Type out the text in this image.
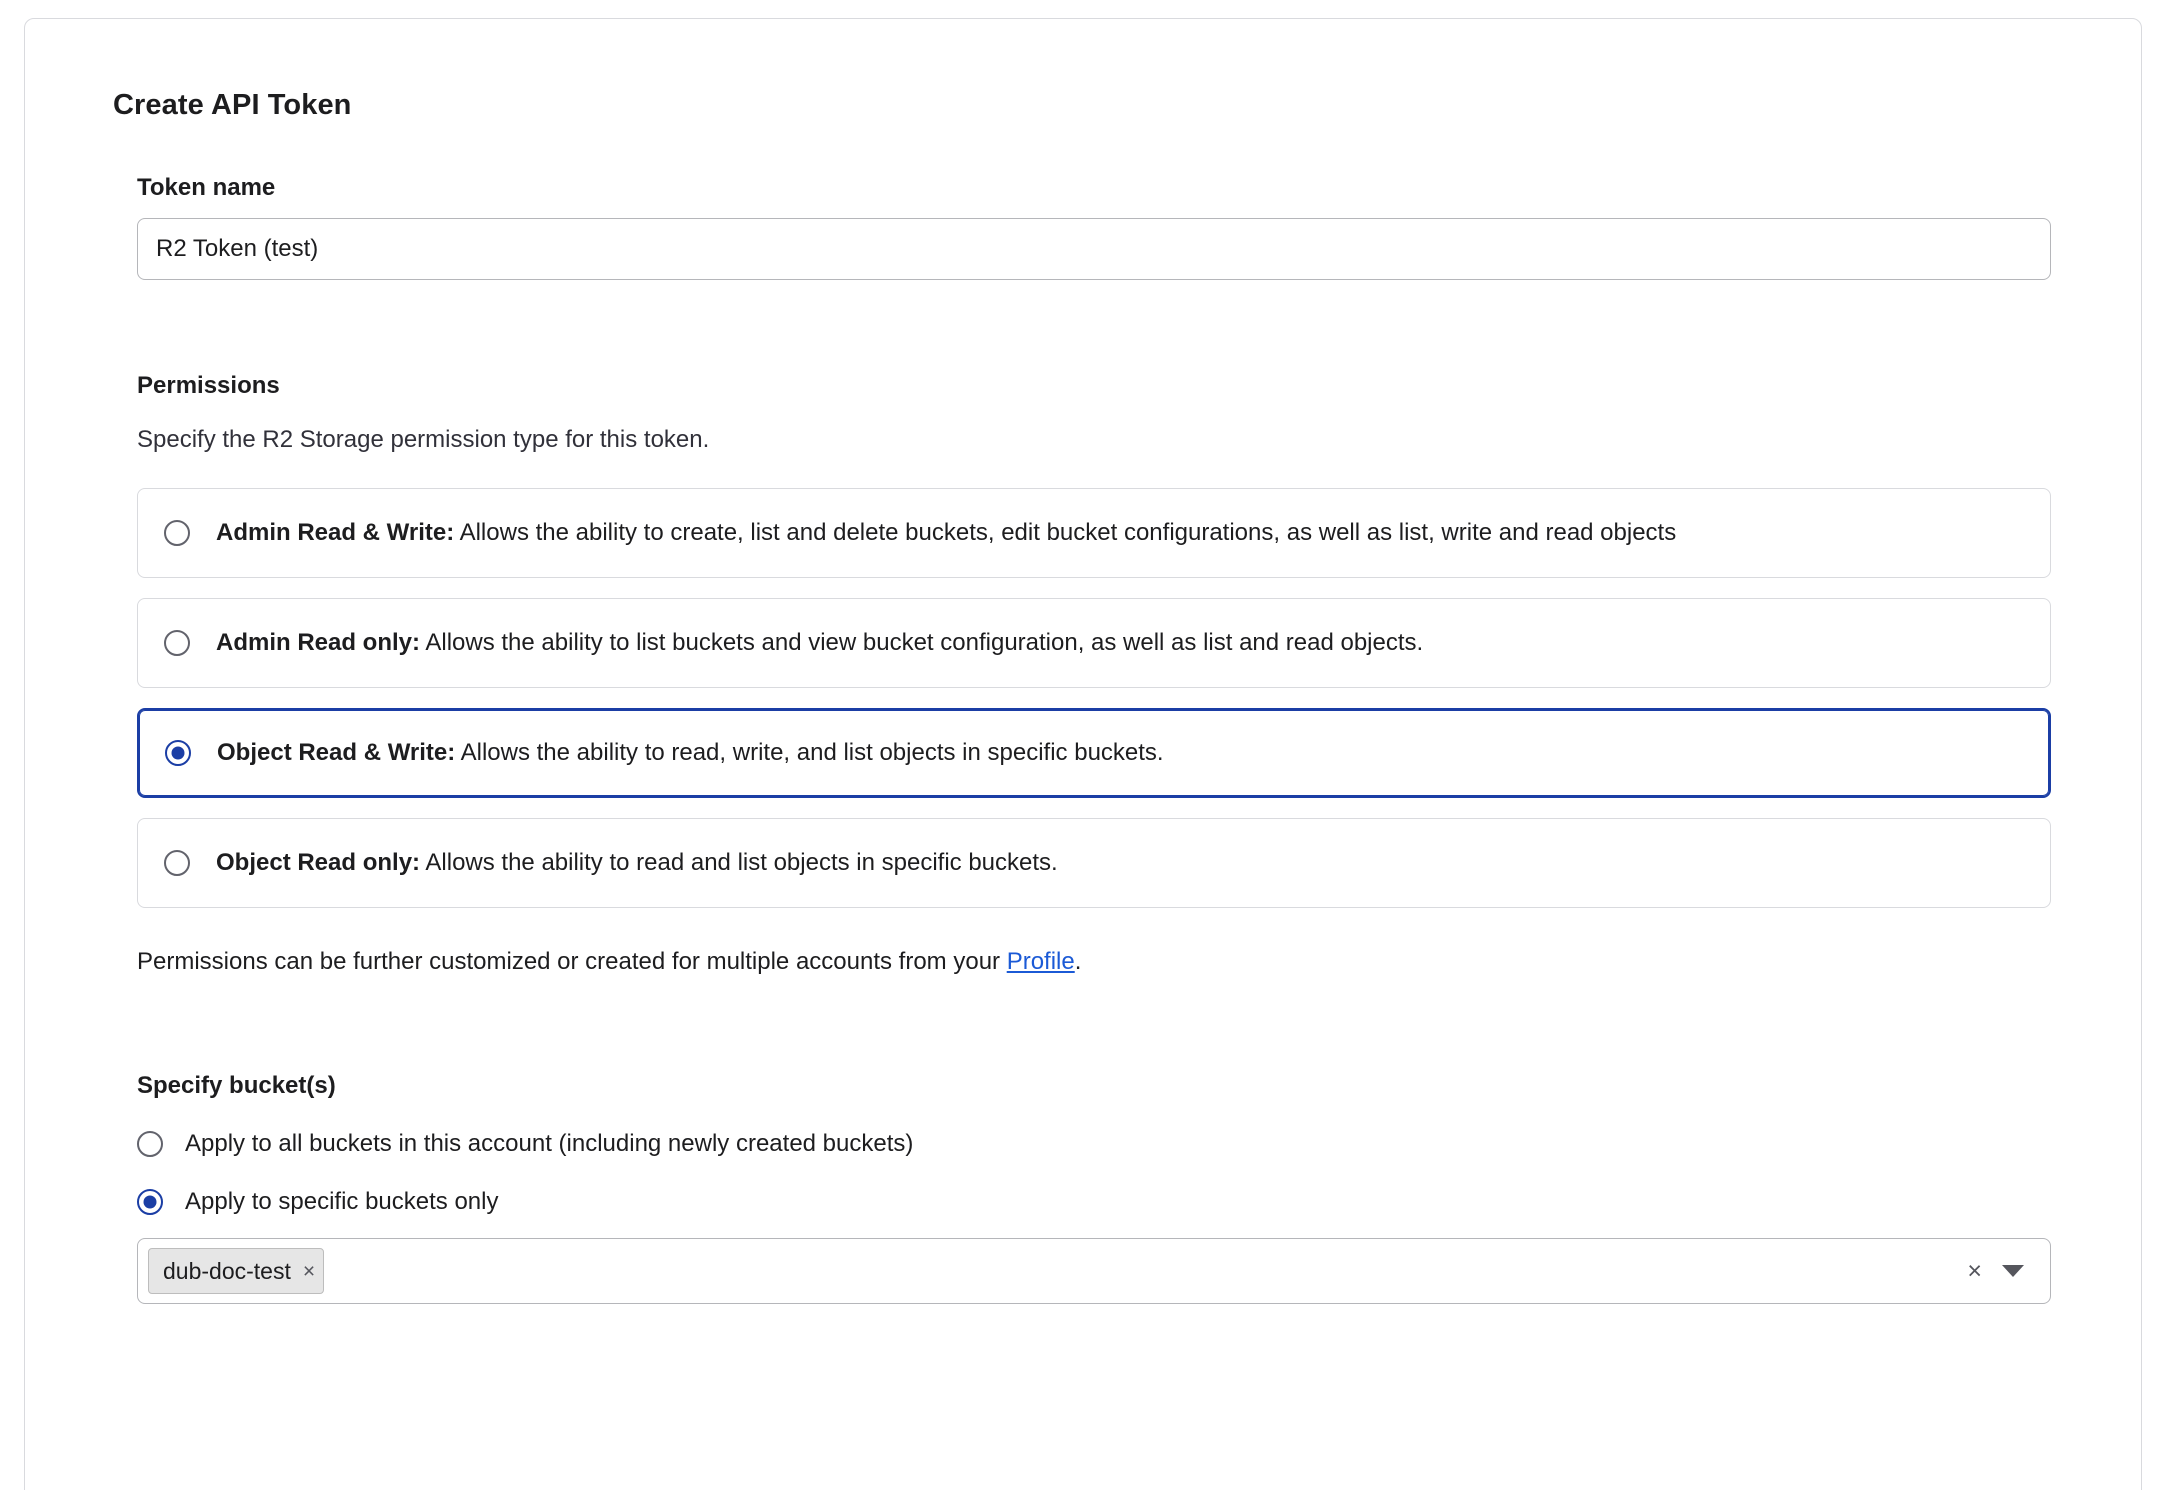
Create API Token
Token name
R2 Token (test)
Permissions
Specify the R2 Storage permission type for this token.
Admin Read & Write: Allows the ability to create, list and delete buckets, edit bucket configurations, as well as list, write and read objects
Admin Read only: Allows the ability to list buckets and view bucket configuration, as well as list and read objects.
Object Read & Write: Allows the ability to read, write, and list objects in specific buckets.
Object Read only: Allows the ability to read and list objects in specific buckets.
Permissions can be further customized or created for multiple accounts from your Profile.
Specify bucket(s)
Apply to all buckets in this account (including newly created buckets)
Apply to specific buckets only
dub-doc-test ×	×
